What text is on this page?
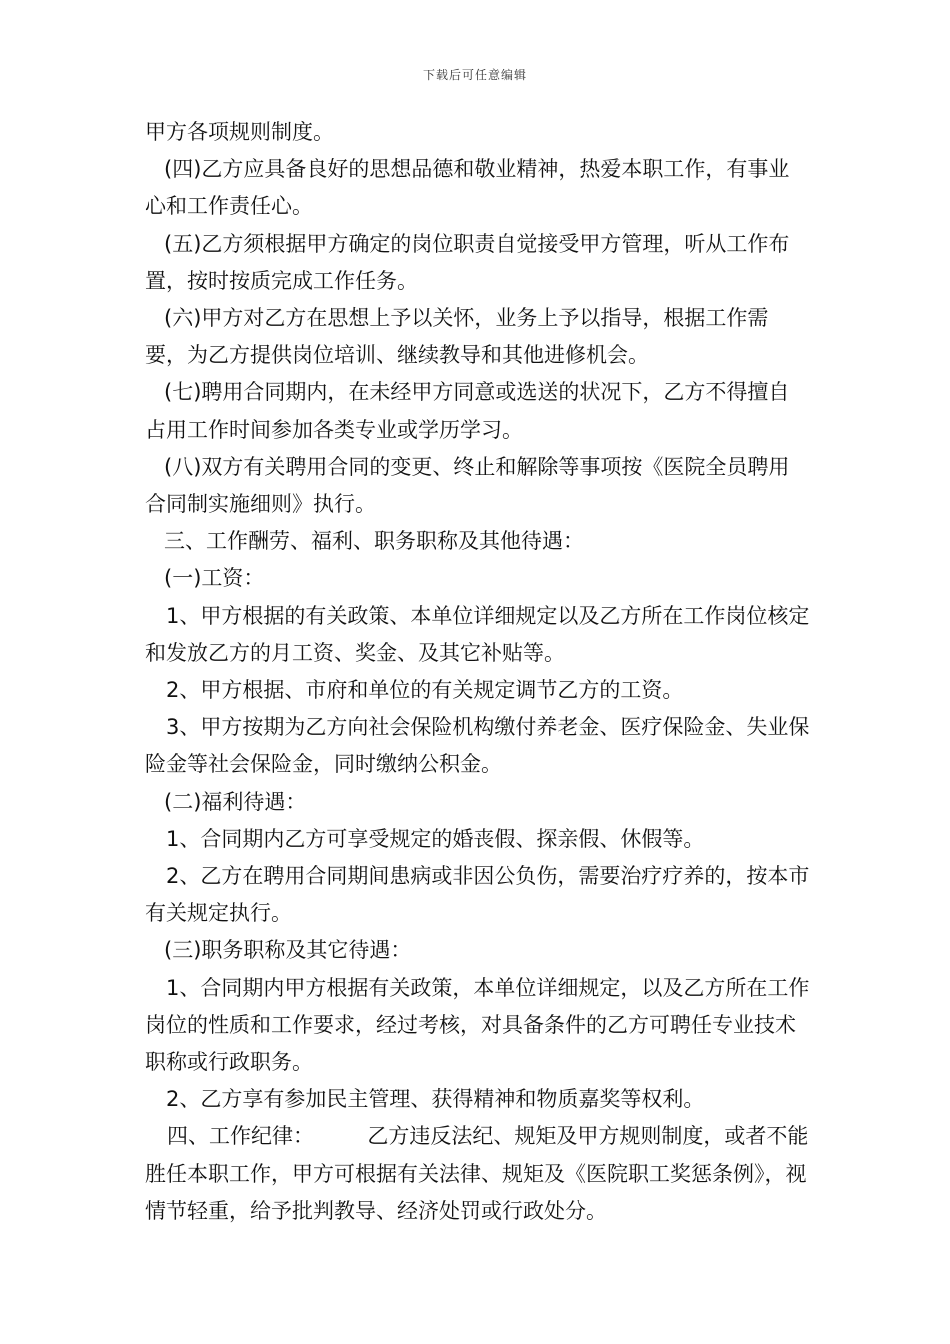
下载后可任意编辑

甲方各项规则制度。

(四)乙方应具备良好的思想品德和敬业精神，热爱本职工作，有事业心和工作责任心。

(五)乙方须根据甲方确定的岗位职责自觉接受甲方管理，听从工作布置，按时按质完成工作任务。

(六)甲方对乙方在思想上予以关怀，业务上予以指导，根据工作需要，为乙方提供岗位培训、继续教导和其他进修机会。

(七)聘用合同期内，在未经甲方同意或选送的状况下，乙方不得擅自占用工作时间参加各类专业或学历学习。

(八)双方有关聘用合同的变更、终止和解除等事项按《医院全员聘用合同制实施细则》执行。

三、工作酬劳、福利、职务职称及其他待遇：

(一)工资：

1、甲方根据的有关政策、本单位详细规定以及乙方所在工作岗位核定和发放乙方的月工资、奖金、及其它补贴等。

2、甲方根据、市府和单位的有关规定调节乙方的工资。

3、甲方按期为乙方向社会保险机构缴付养老金、医疗保险金、失业保险金等社会保险金，同时缴纳公积金。

(二)福利待遇：

1、合同期内乙方可享受规定的婚丧假、探亲假、休假等。

2、乙方在聘用合同期间患病或非因公负伤，需要治疗疗养的，按本市有关规定执行。

(三)职务职称及其它待遇：

1、合同期内甲方根据有关政策，本单位详细规定，以及乙方所在工作岗位的性质和工作要求，经过考核，对具备条件的乙方可聘任专业技术职称或行政职务。

2、乙方享有参加民主管理、获得精神和物质嘉奖等权利。

四、工作纪律：        乙方违反法纪、规矩及甲方规则制度，或者不能胜任本职工作，甲方可根据有关法律、规矩及《医院职工奖惩条例》，视情节轻重，给予批判教导、经济处罚或行政处分。
